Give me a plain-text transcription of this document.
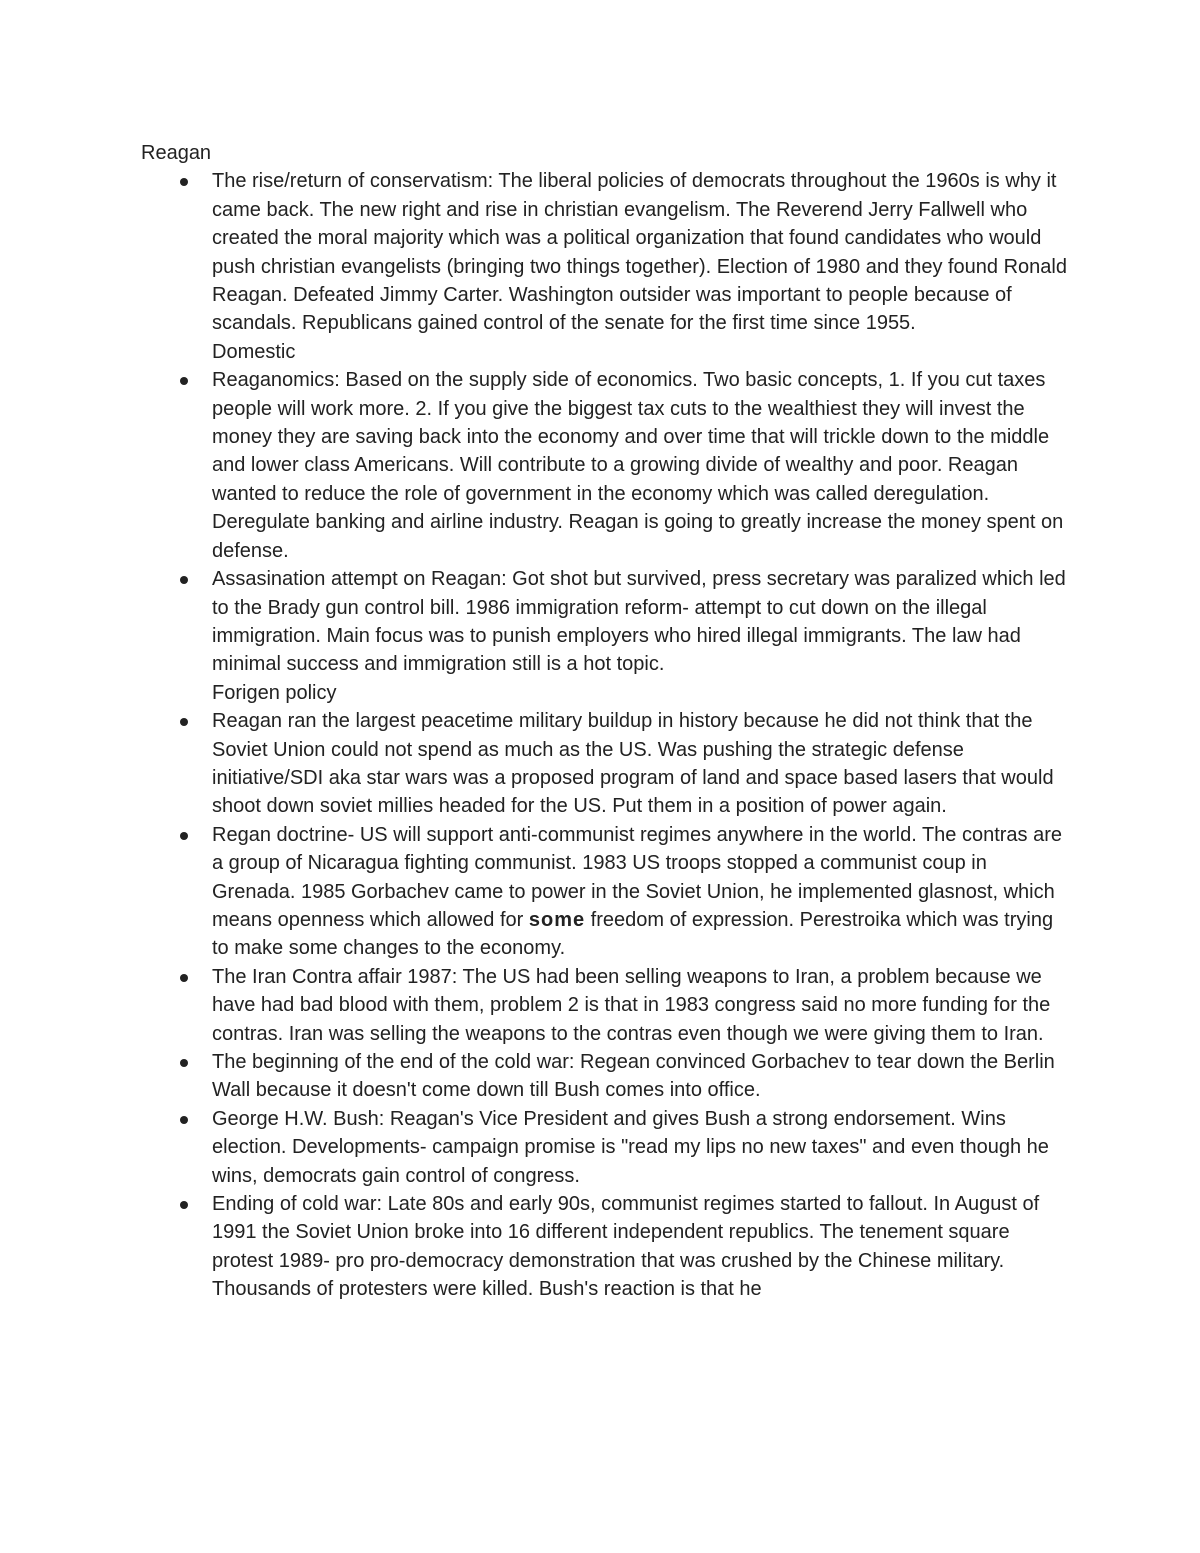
Reagan

The rise/return of conservatism: The liberal policies of democrats throughout the 1960s is why it came back. The new right and rise in christian evangelism. The Reverend Jerry Fallwell who created the moral majority which was a political organization that found candidates who would push christian evangelists (bringing two things together). Election of 1980 and they found Ronald Reagan. Defeated Jimmy Carter. Washington outsider was important to people because of scandals. Republicans gained control of the senate for the first time since 1955.

Domestic

Reaganomics: Based on the supply side of economics. Two basic concepts, 1. If you cut taxes people will work more. 2. If you give the biggest tax cuts to the wealthiest they will invest the money they are saving back into the economy and over time that will trickle down to the middle and lower class Americans. Will contribute to a growing divide of wealthy and poor. Reagan wanted to reduce the role of government in the economy which was called deregulation. Deregulate banking and airline industry. Reagan is going to greatly increase the money spent on defense.
Assasination attempt on Reagan: Got shot but survived, press secretary was paralized which led to the Brady gun control bill. 1986 immigration reform- attempt to cut down on the illegal immigration. Main focus was to punish employers who hired illegal immigrants. The law had minimal success and immigration still is a hot topic.

Forigen policy

Reagan ran the largest peacetime military buildup in history because he did not think that the Soviet Union could not spend as much as the US. Was pushing the strategic defense initiative/SDI aka star wars was a proposed program of land and space based lasers that would shoot down soviet millies headed for the US. Put them in a position of power again.
Regan doctrine- US will support anti-communist regimes anywhere in the world. The contras are a group of Nicaragua fighting communist. 1983 US troops stopped a communist coup in Grenada. 1985 Gorbachev came to power in the Soviet Union, he implemented glasnost, which means openness which allowed for some freedom of expression. Perestroika which was trying to make some changes to the economy.
The Iran Contra affair 1987: The US had been selling weapons to Iran, a problem because we have had bad blood with them, problem 2 is that in 1983 congress said no more funding for the contras. Iran was selling the weapons to the contras even though we were giving them to Iran.
The beginning of the end of the cold war: Regean convinced Gorbachev to tear down the Berlin Wall because it doesn't come down till Bush comes into office.
George H.W. Bush: Reagan's Vice President and gives Bush a strong endorsement. Wins election. Developments- campaign promise is "read my lips no new taxes" and even though he wins, democrats gain control of congress.
Ending of cold war: Late 80s and early 90s, communist regimes started to fallout. In August of 1991 the Soviet Union broke into 16 different independent republics. The tenement square protest 1989- pro pro-democracy demonstration that was crushed by the Chinese military. Thousands of protesters were killed. Bush's reaction is that he
